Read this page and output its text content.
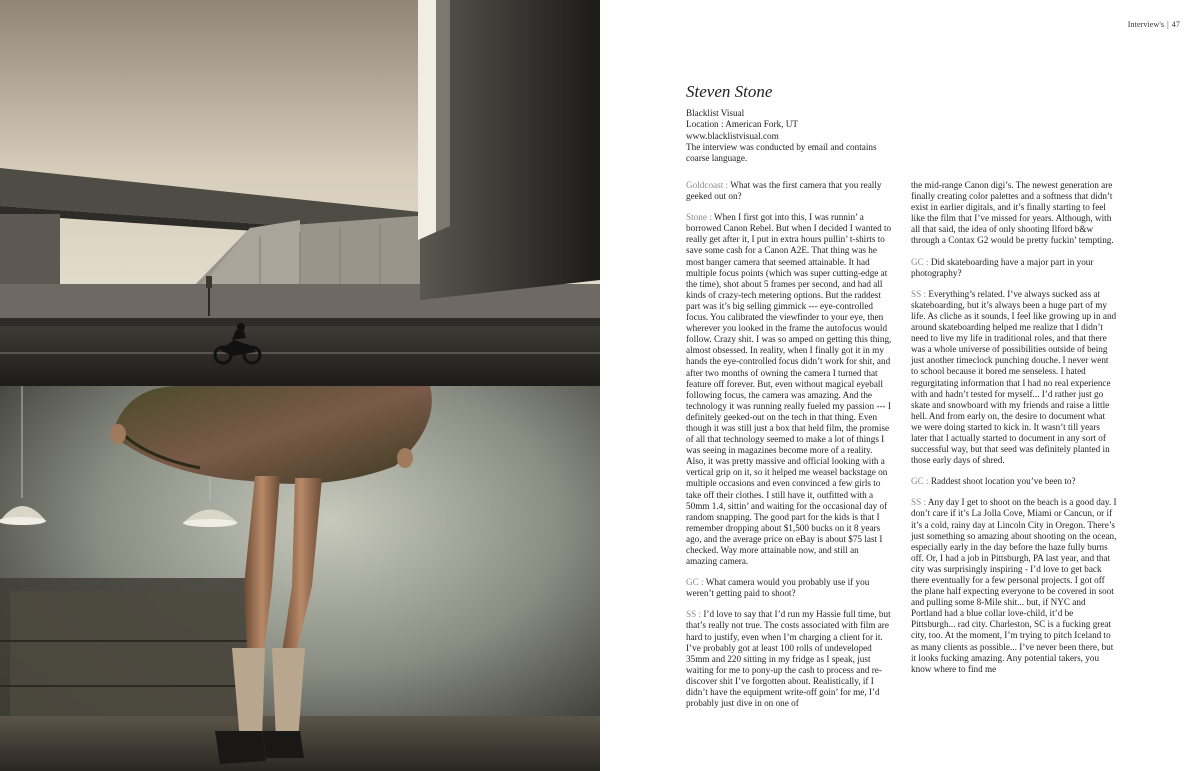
Interview's | 47
Steven Stone
Blacklist Visual
Location : American Fork, UT
www.blacklistvisual.com
The interview was conducted by email and contains coarse language.

Goldcoast : What was the first camera that you really geeked out on?

Stone : When I first got into this, I was runnin’ a borrowed Canon Rebel. But when I decided I wanted to really get after it, I put in extra hours pullin’ t-shirts to save some cash for a Canon A2E. That thing was he most banger camera that seemed attainable. It had multiple focus points (which was super cutting-edge at the time), shot about 5 frames per second, and had all kinds of crazy-tech metering options. But the raddest part was it’s big selling gimmick --- eye-controlled focus. You calibrated the viewfinder to your eye, then wherever you looked in the frame the autofocus would follow. Crazy shit. I was so amped on getting this thing, almost obsessed. In reality, when I finally got it in my hands the eye-controlled focus didn’t work for shit, and after two months of owning the camera I turned that feature off forever. But, even without magical eyeball following focus, the camera was amazing. And the technology it was running really fueled my passion --- I definitely geeked-out on the tech in that thing. Even though it was still just a box that held film, the promise of all that technology seemed to make a lot of things I was seeing in magazines become more of a reality. Also, it was pretty massive and official looking with a vertical grip on it, so it helped me weasel backstage on multiple occasions and even convinced a few girls to take off their clothes. I still have it, outfitted with a 50mm 1.4, sittin’ and waiting for the occasional day of random snapping. The good part for the kids is that I remember dropping about $1,500 bucks on it 8 years ago, and the average price on eBay is about $75 last I checked. Way more attainable now, and still an amazing camera.

GC : What camera would you probably use if you weren’t getting paid to shoot?

SS : I’d love to say that I’d run my Hassie full time, but that’s really not true. The costs associated with film are hard to justify, even when I’m charging a client for it. I’ve probably got at least 100 rolls of undeveloped 35mm and 220 sitting in my fridge as I speak, just waiting for me to pony-up the cash to process and re-discover shit I’ve forgotten about. Realistically, if I didn’t have the equipment write-off goin’ for me, I’d probably just dive in on one of

the mid-range Canon digi’s. The newest generation are finally creating color palettes and a softness that didn’t exist in earlier digitals, and it’s finally starting to feel like the film that I’ve missed for years. Although, with all that said, the idea of only shooting Ilford b&w through a Contax G2 would be pretty fuckin’ tempting.

GC : Did skateboarding have a major part in your photography?

SS : Everything’s related. I’ve always sucked ass at skateboarding, but it’s always been a huge part of my life. As cliche as it sounds, I feel like growing up in and around skateboarding helped me realize that I didn’t need to live my life in traditional roles, and that there was a whole universe of possibilities outside of being just another timeclock punching douche. I never went to school because it bored me senseless. I hated regurgitating information that I had no real experience with and hadn’t tested for myself... I’d rather just go skate and snowboard with my friends and raise a little hell. And from early on, the desire to document what we were doing started to kick in. It wasn’t till years later that I actually started to document in any sort of successful way, but that seed was definitely planted in those early days of shred.

GC : Raddest shoot location you’ve been to?

SS : Any day I get to shoot on the beach is a good day. I don’t care if it’s La Jolla Cove, Miami or Cancun, or if it’s a cold, rainy day at Lincoln City in Oregon. There’s just something so amazing about shooting on the ocean, especially early in the day before the haze fully burns off. Or, I had a job in Pittsburgh, PA last year, and that city was surprisingly inspiring - I’d love to get back there eventually for a few personal projects. I got off the plane half expecting everyone to be covered in soot and pulling some 8-Mile shit... but, if NYC and Portland had a blue collar love-child, it’d be Pittsburgh... rad city. Charleston, SC is a fucking great city, too. At the moment, I’m trying to pitch Iceland to as many clients as possible... I’ve never been there, but it looks fucking amazing. Any potential takers, you know where to find me
